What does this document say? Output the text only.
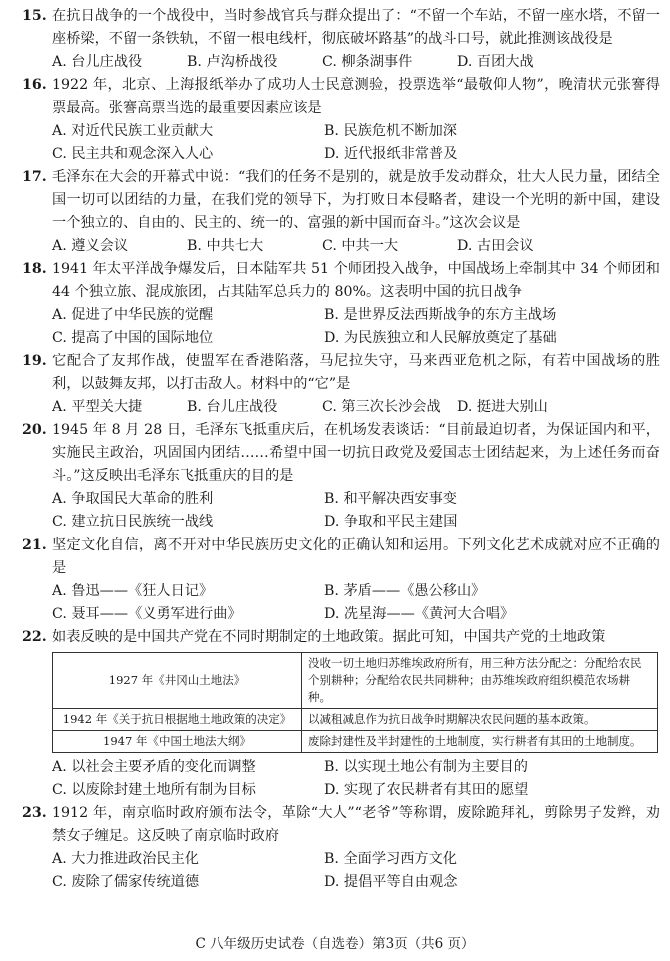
15. 在抗日战争的一个战役中，当时参战官兵与群众提出了：“不留一个车站，不留一座水塔，不留一座桥梁，不留一条铁轨，不留一根电线杆，彻底破坏路基”的战斗口号，就此推测该战役是
A. 台儿庄战役	B. 卢沟桥战役	C. 柳条湖事件	D. 百团大战
16. 1922 年，北京、上海报纸举办了成功人士民意测验，投票选举“最敬仰人物”，晚清状元张謇得票最高。张謇高票当选的最重要因素应该是
A. 对近代民族工业贡献大	B. 民族危机不断加深
C. 民主共和观念深入人心	D. 近代报纸非常普及
17. 毛泽东在大会的开幕式中说：“我们的任务不是别的，就是放手发动群众，壮大人民力量，团结全国一切可以团结的力量，在我们党的领导下，为打败日本侵略者，建设一个光明的新中国，建设一个独立的、自由的、民主的、统一的、富强的新中国而奋斗。”这次会议是
A. 遵义会议	B. 中共七大	C. 中共一大	D. 古田会议
18. 1941 年太平洋战争爆发后，日本陆军共 51 个师团投入战争，中国战场上牵制其中 34 个师团和 44 个独立旅、混成旅团，占其陆军总兵力的 80%。这表明中国的抗日战争
A. 促进了中华民族的觉醒	B. 是世界反法西斯战争的东方主战场
C. 提高了中国的国际地位	D. 为民族独立和人民解放奠定了基础
19. 它配合了友邦作战，使盟军在香港陷落，马尼拉失守，马来西亚危机之际，有若中国战场的胜利，以鼓舞友邦，以打击敌人。材料中的“它”是
A. 平型关大捷	B. 台儿庄战役	C. 第三次长沙会战	D. 挺进大别山
20. 1945 年 8 月 28 日，毛泽东飞抵重庆后，在机场发表谈话：“目前最迫切者，为保证国内和平，实施民主政治，巩固国内团结……希望中国一切抗日政党及爱国志士团结起来，为上述任务而奋斗。”这反映出毛泽东飞抵重庆的目的是
A. 争取国民大革命的胜利	B. 和平解决西安事变
C. 建立抗日民族统一战线	D. 争取和平民主建国
21. 坚定文化自信，离不开对中华民族历史文化的正确认知和运用。下列文化艺术成就对应不正确的是
A. 鲁迅——《狂人日记》	B. 茅盾——《愚公移山》
C. 聂耳——《义勇军进行曲》	D. 冼星海——《黄河大合唱》
22. 如表反映的是中国共产党在不同时期制定的土地政策。据此可知，中国共产党的土地政策
1927 年《井冈山土地法》	没收一切土地归苏维埃政府所有，用三种方法分配之：分配给农民个别耕种；分配给农民共同耕种；由苏维埃政府组织模范农场耕种。
1942 年《关于抗日根据地土地政策的决定》	以减租减息作为抗日战争时期解决农民问题的基本政策。
1947 年《中国土地法大纲》	废除封建性及半封建性的土地制度，实行耕者有其田的土地制度。
A. 以社会主要矛盾的变化而调整	B. 以实现土地公有制为主要目的
C. 以废除封建土地所有制为目标	D. 实现了农民耕者有其田的愿望
23. 1912 年，南京临时政府颁布法令，革除“大人”“老爷”等称谓，废除跪拜礼，剪除男子发辫，劝禁女子缠足。这反映了南京临时政府
A. 大力推进政治民主化	B. 全面学习西方文化
C. 废除了儒家传统道德	D. 提倡平等自由观念
C 八年级历史试卷（自选卷）第3页（共6 页）
